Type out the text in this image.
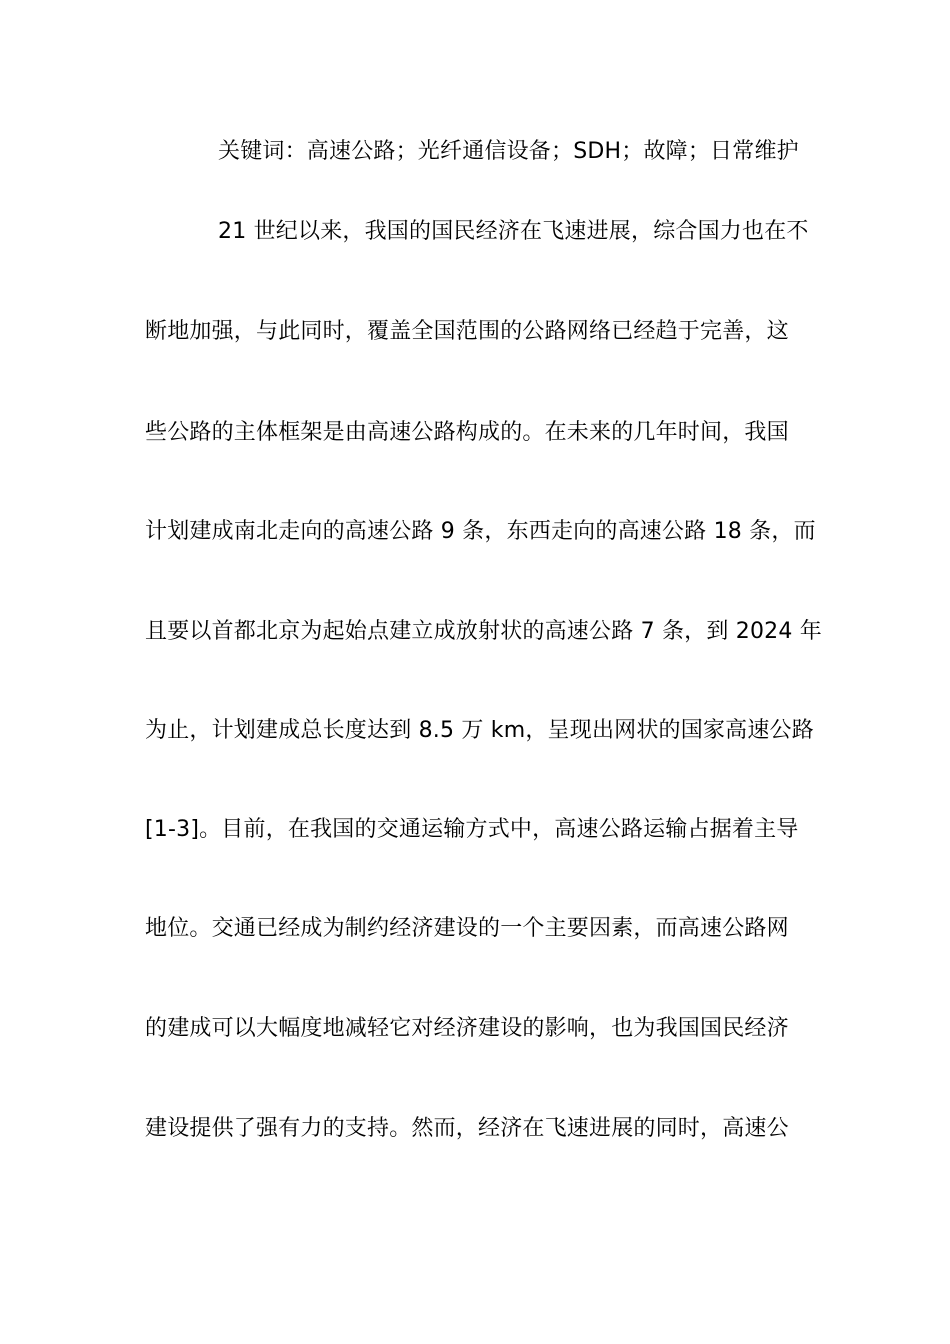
关键词：高速公路；光纤通信设备；SDH；故障；日常维护
21 世纪以来，我国的国民经济在飞速进展，综合国力也在不
断地加强，与此同时，覆盖全国范围的公路网络已经趋于完善，这
些公路的主体框架是由高速公路构成的。在未来的几年时间，我国
计划建成南北走向的高速公路 9 条，东西走向的高速公路 18 条，而
且要以首都北京为起始点建立成放射状的高速公路 7 条，到 2024 年
为止，计划建成总长度达到 8.5 万 km，呈现出网状的国家高速公路
[1-3]。目前，在我国的交通运输方式中，高速公路运输占据着主导
地位。交通已经成为制约经济建设的一个主要因素，而高速公路网
的建成可以大幅度地减轻它对经济建设的影响，也为我国国民经济
建设提供了强有力的支持。然而，经济在飞速进展的同时，高速公
